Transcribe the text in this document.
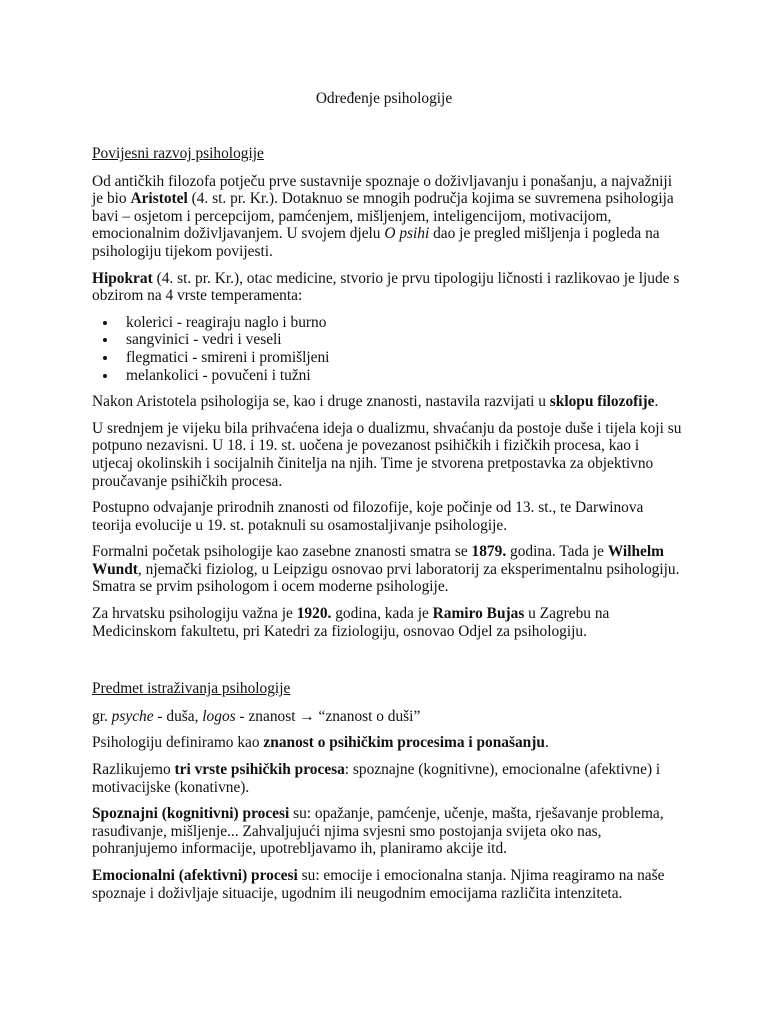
Određenje psihologije
Povijesni razvoj psihologije

Od antičkih filozofa potječu prve sustavnije spoznaje o doživljavanju i ponašanju, a najvažniji je bio Aristotel (4. st. pr. Kr.). Dotaknuo se mnogih područja kojima se suvremena psihologija bavi – osjetom i percepcijom, pamćenjem, mišljenjem, inteligencijom, motivacijom, emocionalnim doživljavanjem. U svojem djelu O psihi dao je pregled mišljenja i pogleda na psihologiju tijekom povijesti.

Hipokrat (4. st. pr. Kr.), otac medicine, stvorio je prvu tipologiju ličnosti i razlikovao je ljude s obzirom na 4 vrste temperamenta:

• kolerici - reagiraju naglo i burno
• sangvinici - vedri i veseli
• flegmatici - smireni i promišljeni
• melankolici - povučeni i tužni

Nakon Aristotela psihologija se, kao i druge znanosti, nastavila razvijati u sklopu filozofije.

U srednjem je vijeku bila prihvaćena ideja o dualizmu, shvaćanju da postoje duše i tijela koji su potpuno nezavisni. U 18. i 19. st. uočena je povezanost psihičkih i fizičkih procesa, kao i utjecaj okolinskih i socijalnih činitelja na njih. Time je stvorena pretpostavka za objektivno proučavanje psihičkih procesa.

Postupno odvajanje prirodnih znanosti od filozofije, koje počinje od 13. st., te Darwinova teorija evolucije u 19. st. potaknuli su osamostaljivanje psihologije.

Formalni početak psihologije kao zasebne znanosti smatra se 1879. godina. Tada je Wilhelm Wundt, njemački fiziolog, u Leipzigu osnovao prvi laboratorij za eksperimentalnu psihologiju. Smatra se prvim psihologom i ocem moderne psihologije.

Za hrvatsku psihologiju važna je 1920. godina, kada je Ramiro Bujas u Zagrebu na Medicinskom fakultetu, pri Katedri za fiziologiju, osnovao Odjel za psihologiju.

Predmet istraživanja psihologije

gr. psyche - duša, logos - znanost → “znanost o duši”

Psihologiju definiramo kao znanost o psihičkim procesima i ponašanju.

Razlikujemo tri vrste psihičkih procesa: spoznajne (kognitivne), emocionalne (afektivne) i motivacijske (konativne).

Spoznajni (kognitivni) procesi su: opažanje, pamćenje, učenje, mašta, rješavanje problema, rasuđivanje, mišljenje... Zahvaljujući njima svjesni smo postojanja svijeta oko nas, pohranjujemo informacije, upotrebljavamo ih, planiramo akcije itd.

Emocionalni (afektivni) procesi su: emocije i emocionalna stanja. Njima reagiramo na naše spoznaje i doživljaje situacije, ugodnim ili neugodnim emocijama različita intenziteta.
